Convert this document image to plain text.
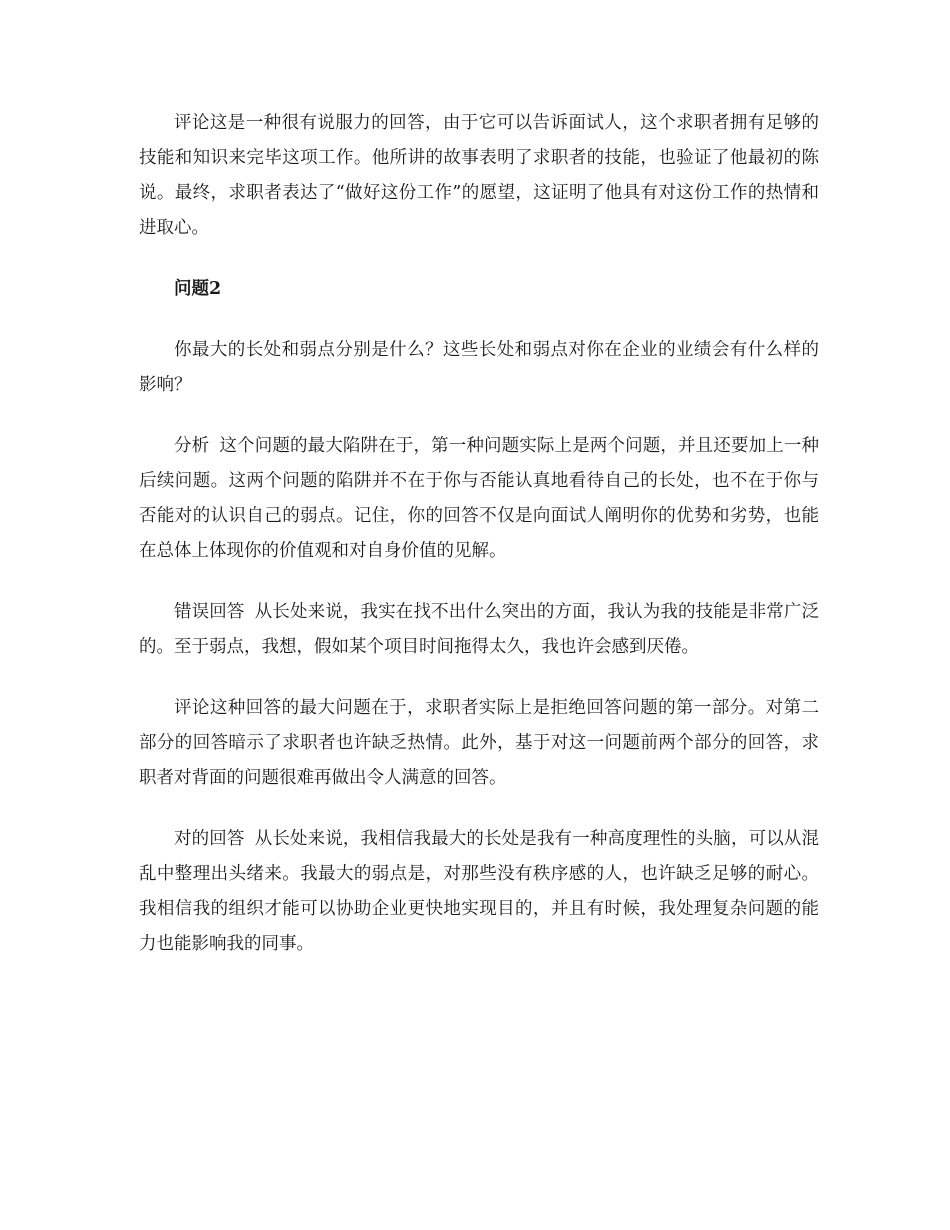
评论这是一种很有说服力的回答，由于它可以告诉面试人，这个求职者拥有足够的技能和知识来完毕这项工作。他所讲的故事表明了求职者的技能，也验证了他最初的陈说。最终，求职者表达了“做好这份工作”的愿望，这证明了他具有对这份工作的热情和进取心。

问题2

你最大的长处和弱点分别是什么？这些长处和弱点对你在企业的业绩会有什么样的影响？

分析 这个问题的最大陷阱在于，第一种问题实际上是两个问题，并且还要加上一种后续问题。这两个问题的陷阱并不在于你与否能认真地看待自己的长处，也不在于你与否能对的认识自己的弱点。记住，你的回答不仅是向面试人阐明你的优势和劣势，也能在总体上体现你的价值观和对自身价值的见解。

错误回答 从长处来说，我实在找不出什么突出的方面，我认为我的技能是非常广泛的。至于弱点，我想，假如某个项目时间拖得太久，我也许会感到厌倦。

评论这种回答的最大问题在于，求职者实际上是拒绝回答问题的第一部分。对第二部分的回答暗示了求职者也许缺乏热情。此外，基于对这一问题前两个部分的回答，求职者对背面的问题很难再做出令人满意的回答。

对的回答 从长处来说，我相信我最大的长处是我有一种高度理性的头脑，可以从混乱中整理出头绪来。我最大的弱点是，对那些没有秩序感的人，也许缺乏足够的耐心。我相信我的组织才能可以协助企业更快地实现目的，并且有时候，我处理复杂问题的能力也能影响我的同事。
